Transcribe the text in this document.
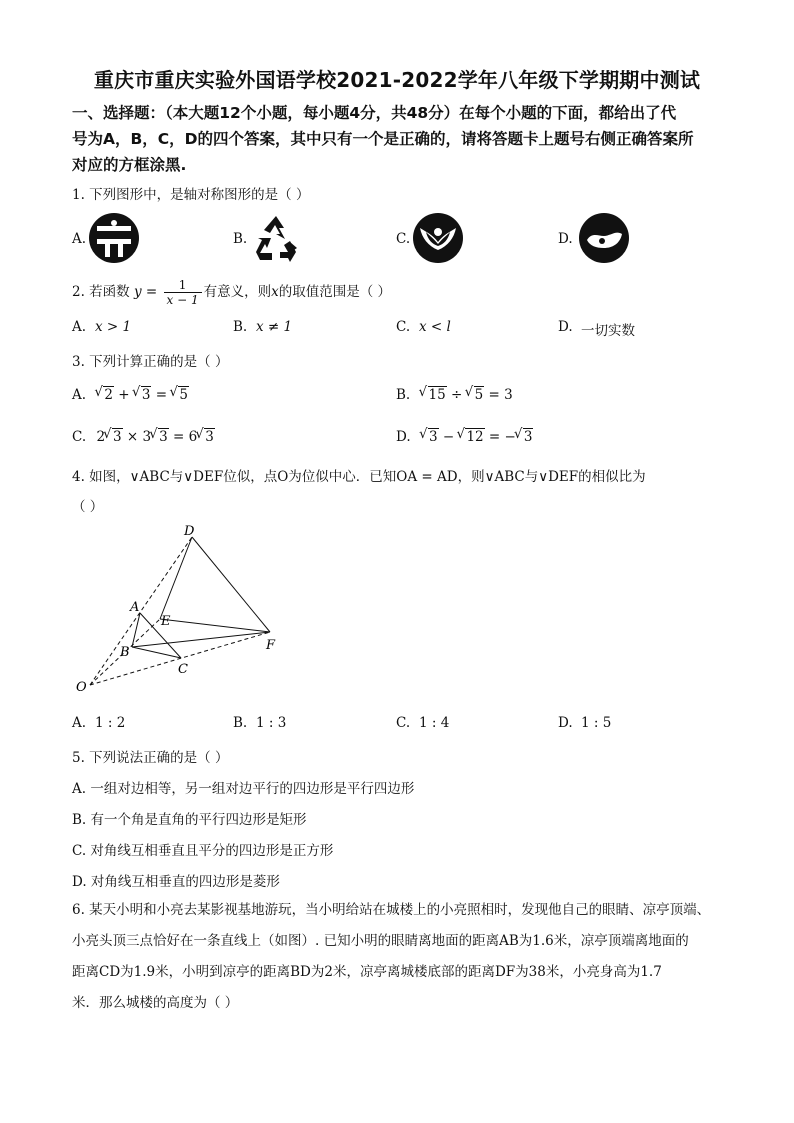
重庆市重庆实验外国语学校2021-2022学年八年级下学期期中测试
一、选择题：（本大题12个小题，每小题4分，共48分）在每个小题的下面，都给出了代
号为A，B，C，D的四个答案，其中只有一个是正确的，请将答题卡上题号右侧正确答案所
对应的方框涂黑.
1. 下列图形中，是轴对称图形的是（ ）
A.	B.	C.	D.
2. 若函数 $y = \frac{1}{x - 1}$ 有意义，则x的取值范围是（ ）
A. x > 1	B. x ≠ 1	C. x < l	D. 一切实数
3. 下列计算正确的是（ ）
A. √ 2 + √ 3 = √ 5	B. √ 15 ÷ √ 5 = 3
C. 2 √ 3 × 3 √ 3 = 6 √ 3	D. √ 3 − √ 12 = − √ 3
4. 如图，∨ABC与∨DEF位似，点O为位似中心．已知OA = AD，则∨ABC与∨DEF的相似比为
（ ）
D
A
E
B
C
F
O
A. 1 : 2	B. 1 : 3	C. 1 : 4	D. 1 : 5
5. 下列说法正确的是（ ）
A. 一组对边相等，另一组对边平行的四边形是平行四边形
B. 有一个角是直角的平行四边形是矩形
C. 对角线互相垂直且平分的四边形是正方形
D. 对角线互相垂直的四边形是菱形
6. 某天小明和小亮去某影视基地游玩，当小明给站在城楼上的小亮照相时，发现他自己的眼睛、凉亭顶端、
小亮头顶三点恰好在一条直线上（如图）. 已知小明的眼睛离地面的距离AB为1.6米，凉亭顶端离地面的
距离CD为1.9米，小明到凉亭的距离BD为2米，凉亭离城楼底部的距离DF为38米，小亮身高为1.7
米．那么城楼的高度为（ ）
